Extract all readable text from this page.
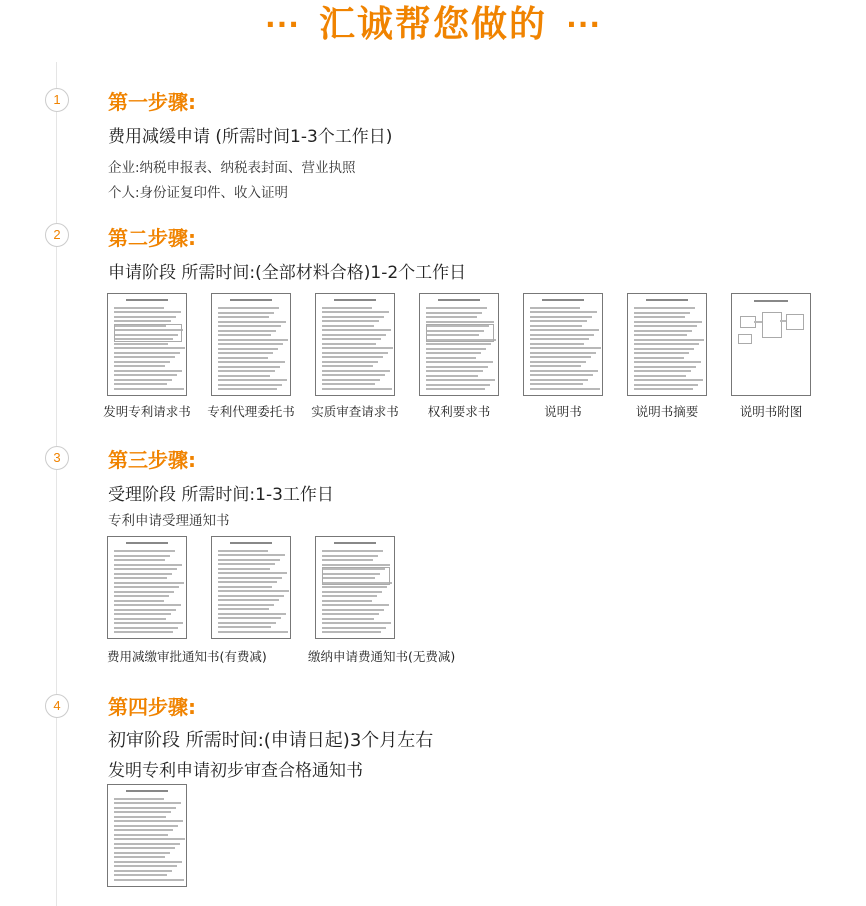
··· 汇诚帮您做的 ···
1	第一步骤:
费用减缓申请 (所需时间1-3个工作日)
企业:纳税申报表、纳税表封面、营业执照
个人:身份证复印件、收入证明
2	第二步骤:
申请阶段 所需时间:(全部材料合格)1-2个工作日
发明专利请求书	专利代理委托书	实质审查请求书	权利要求书	说明书	说明书摘要	说明书附图
3	第三步骤:
受理阶段 所需时间:1-3工作日
专利申请受理通知书
费用减缴审批通知书(有费减)	缴纳申请费通知书(无费减)
4	第四步骤:
初审阶段 所需时间:(申请日起)3个月左右
发明专利申请初步审查合格通知书
